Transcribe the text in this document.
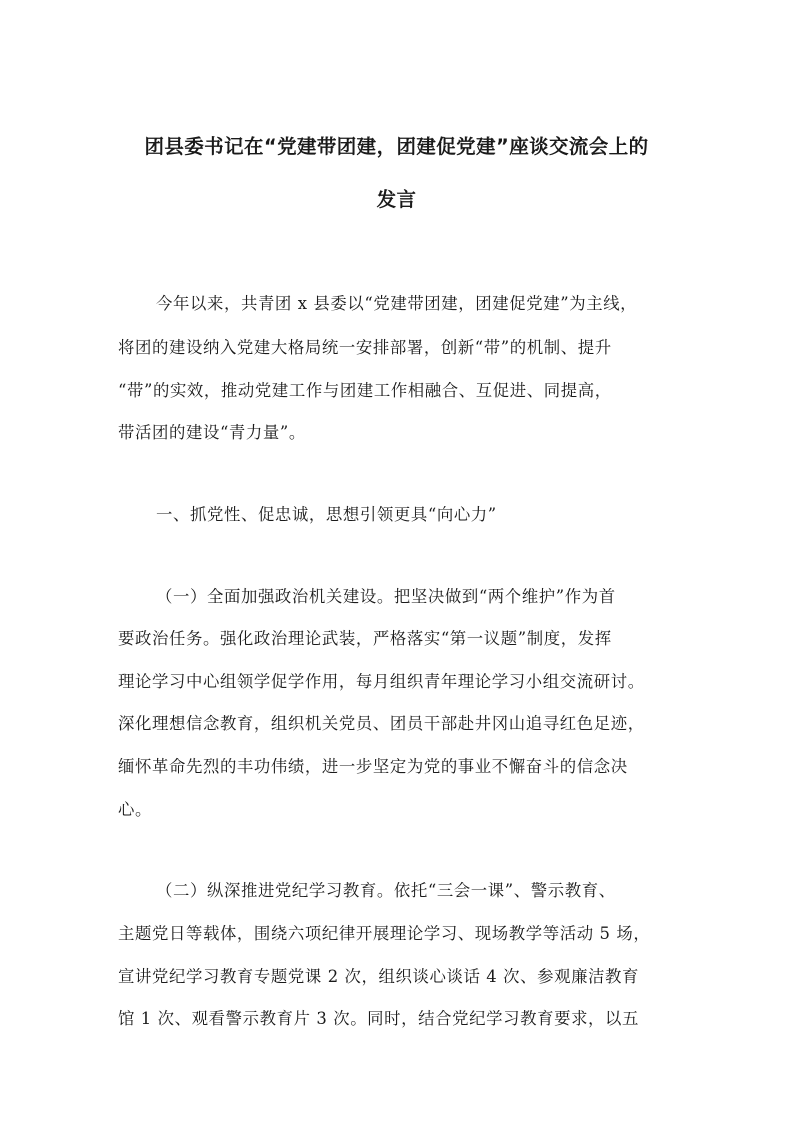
团县委书记在“党建带团建，团建促党建”座谈交流会上的
发言
今年以来，共青团 x 县委以“党建带团建，团建促党建”为主线，
将团的建设纳入党建大格局统一安排部署，创新“带”的机制、提升
“带”的实效，推动党建工作与团建工作相融合、互促进、同提高，
带活团的建设“青力量”。
一、抓党性、促忠诚，思想引领更具“向心力”
（一）全面加强政治机关建设。把坚决做到“两个维护”作为首
要政治任务。强化政治理论武装，严格落实“第一议题”制度，发挥
理论学习中心组领学促学作用，每月组织青年理论学习小组交流研讨。
深化理想信念教育，组织机关党员、团员干部赴井冈山追寻红色足迹，
缅怀革命先烈的丰功伟绩，进一步坚定为党的事业不懈奋斗的信念决
心。
（二）纵深推进党纪学习教育。依托“三会一课”、警示教育、
主题党日等载体，围绕六项纪律开展理论学习、现场教学等活动 5 场，
宣讲党纪学习教育专题党课 2 次，组织谈心谈话 4 次、参观廉洁教育
馆 1 次、观看警示教育片 3 次。同时，结合党纪学习教育要求，以五
